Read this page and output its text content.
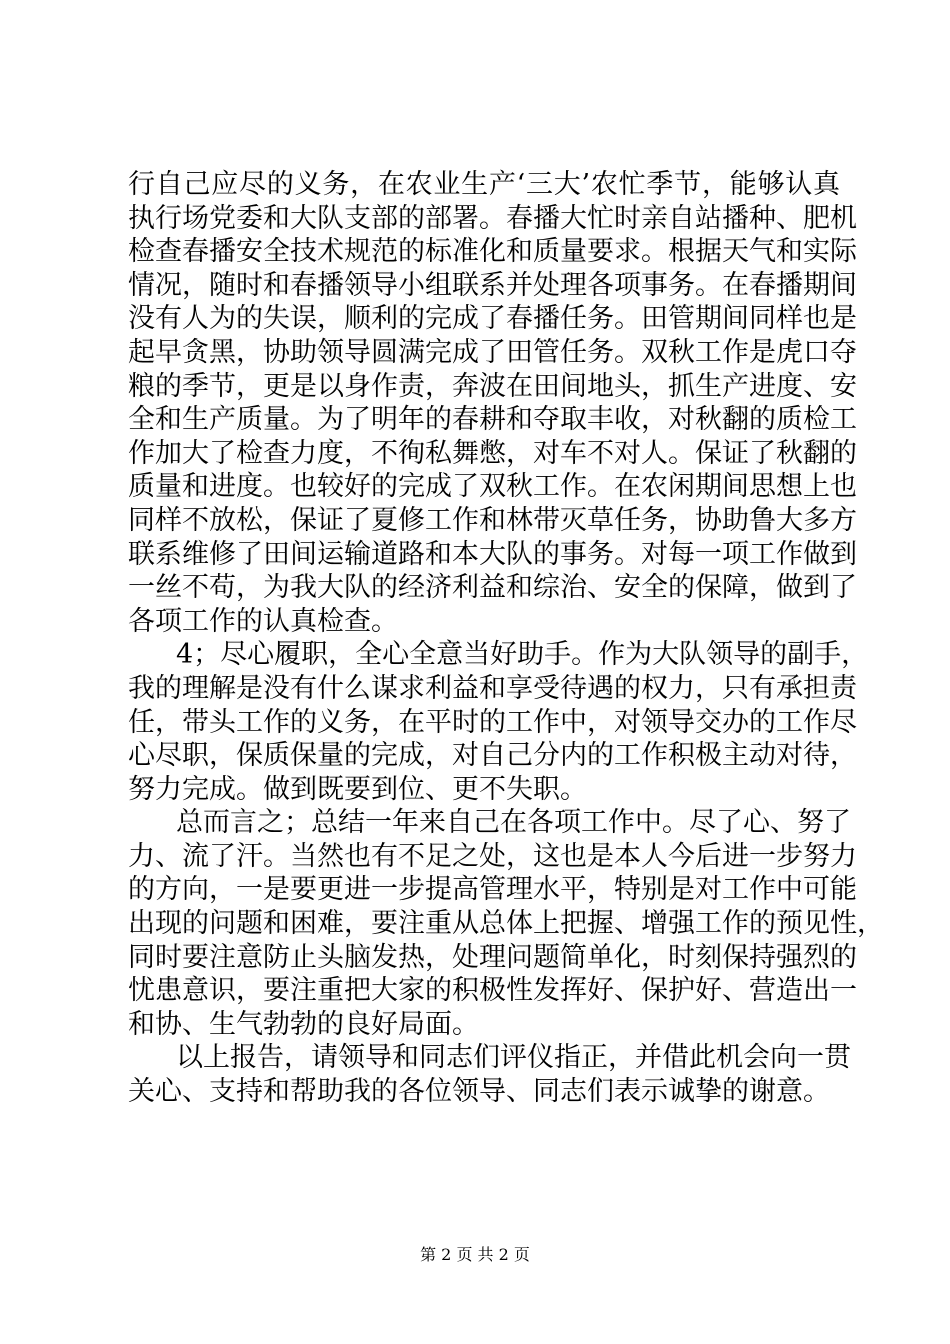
行自己应尽的义务，在农业生产‘三大’农忙季节，能够认真
执行场党委和大队支部的部署。春播大忙时亲自站播种、肥机
检查春播安全技术规范的标准化和质量要求。根据天气和实际
情况，随时和春播领导小组联系并处理各项事务。在春播期间
没有人为的失误，顺利的完成了春播任务。田管期间同样也是
起早贪黑，协助领导圆满完成了田管任务。双秋工作是虎口夺
粮的季节，更是以身作责，奔波在田间地头，抓生产进度、安
全和生产质量。为了明年的春耕和夺取丰收，对秋翻的质检工
作加大了检查力度，不徇私舞憋，对车不对人。保证了秋翻的
质量和进度。也较好的完成了双秋工作。在农闲期间思想上也
同样不放松，保证了夏修工作和林带灭草任务，协助鲁大多方
联系维修了田间运输道路和本大队的事务。对每一项工作做到
一丝不苟，为我大队的经济利益和综治、安全的保障，做到了
各项工作的认真检查。
4；尽心履职，全心全意当好助手。作为大队领导的副手，
我的理解是没有什么谋求利益和享受待遇的权力，只有承担责
任，带头工作的义务，在平时的工作中，对领导交办的工作尽
心尽职，保质保量的完成，对自己分内的工作积极主动对待，
努力完成。做到既要到位、更不失职。
总而言之；总结一年来自己在各项工作中。尽了心、努了
力、流了汗。当然也有不足之处，这也是本人今后进一步努力
的方向，一是要更进一步提高管理水平，特别是对工作中可能
出现的问题和困难，要注重从总体上把握、增强工作的预见性，
同时要注意防止头脑发热，处理问题简单化，时刻保持强烈的
忧患意识，要注重把大家的积极性发挥好、保护好、营造出一
和协、生气勃勃的良好局面。
以上报告，请领导和同志们评仪指正，并借此机会向一贯
关心、支持和帮助我的各位领导、同志们表示诚挚的谢意。
第 2 页 共 2 页
